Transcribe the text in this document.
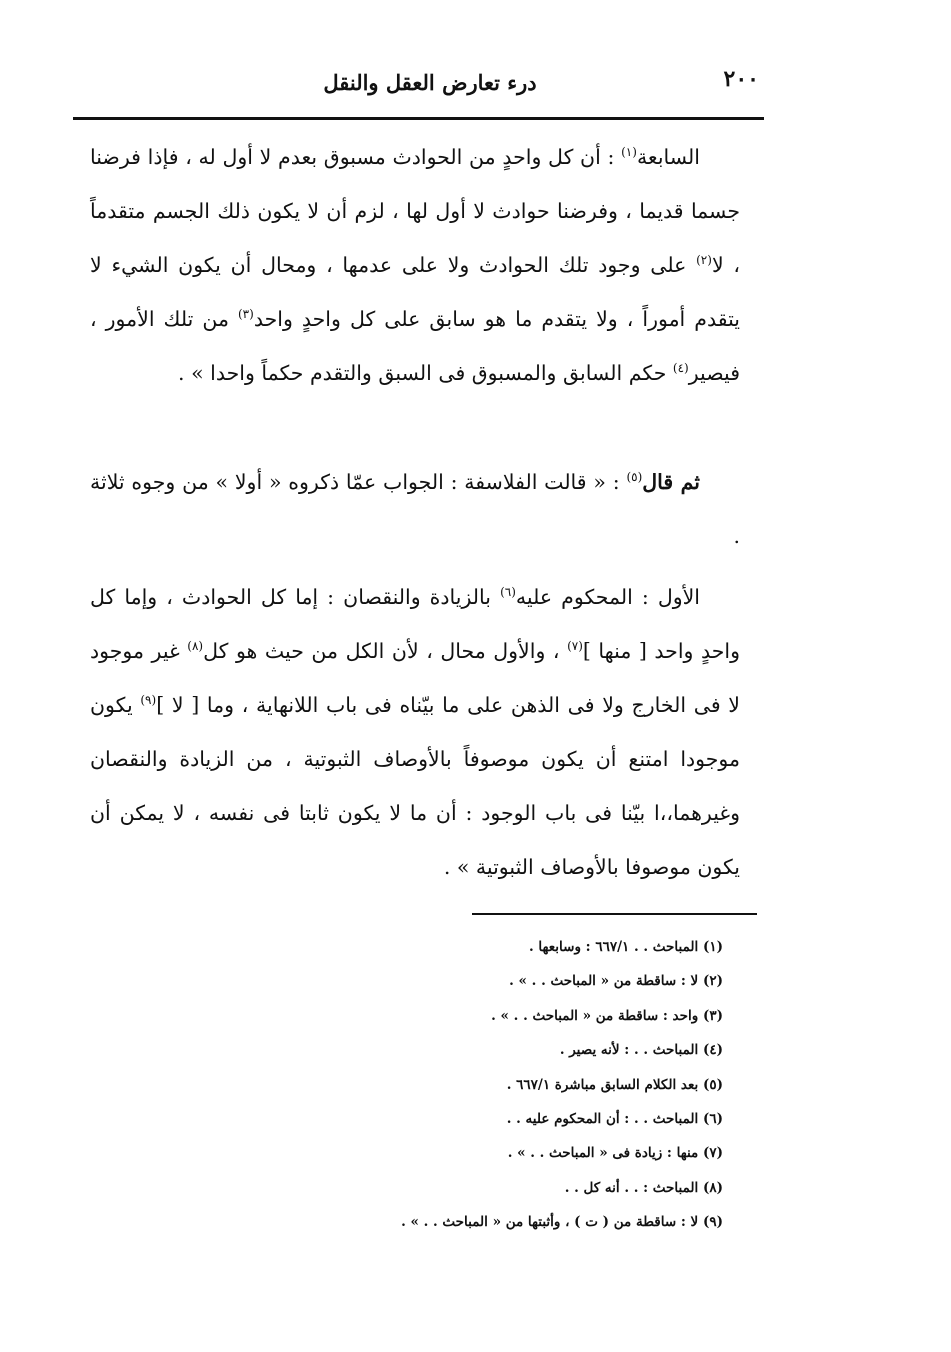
٢٠٠
درء تعارض العقل والنقل

السابعة$^{(١)}$ : أن كل واحدٍ من الحوادث مسبوق بعدم لا أول له ، فإذا فرضنا جسما قديما ، وفرضنا حوادث لا أول لها ، لزم أن لا يكون ذلك الجسم متقدماً ، لا$^{(٢)}$ على وجود تلك الحوادث ولا على عدمها ، ومحال أن يكون الشيء لا يتقدم أموراً ، ولا يتقدم ما هو سابق على كل واحدٍ واحد$^{(٣)}$ من تلك الأمور ، فيصير$^{(٤)}$ حكم السابق والمسبوق فى السبق والتقدم حكماً واحدا » .

ثم قال$^{(٥)}$ : « قالت الفلاسفة : الجواب عمّا ذكروه « أولا » من وجوه ثلاثة .

الأول : المحكوم عليه$^{(٦)}$ بالزيادة والنقصان : إما كل الحوادث ، وإما كل واحدٍ واحد [ منها ]$^{(٧)}$ ، والأول محال ، لأن الكل من حيث هو كل$^{(٨)}$ غير موجود لا فى الخارج ولا فى الذهن على ما بيّناه فى باب اللانهاية ، وما [ لا ]$^{(٩)}$ يكون موجودا امتنع أن يكون موصوفاً بالأوصاف الثبوتية ، من الزيادة والنقصان وغيرهما،،ا بيّنا فى باب الوجود : أن ما لا يكون ثابتا فى نفسه ، لا يمكن أن يكون موصوفا بالأوصاف الثبوتية » .

(١) المباحث . . ٦٦٧/١ : وسابعها .
(٢) لا : ساقطة من « المباحث . . » .
(٣) واحد : ساقطة من « المباحث . . » .
(٤) المباحث . . : لأنه يصير .
(٥) بعد الكلام السابق مباشرة ٦٦٧/١ .
(٦) المباحث . . : أن المحكوم عليه . .
(٧) منها : زيادة فى « المباحث . . » .
(٨) المباحث : . . أنه كل . .
(٩) لا : ساقطة من ( ت ) ، وأثبتها من « المباحث . . » .
